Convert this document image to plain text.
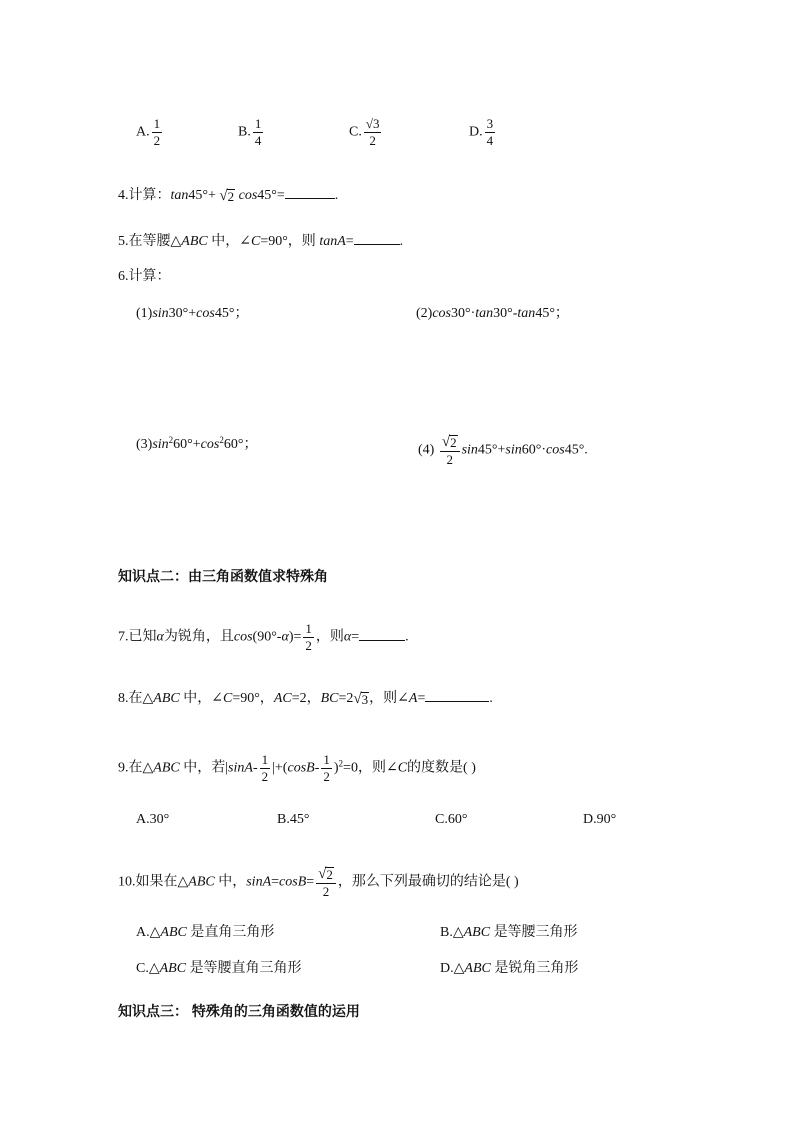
A. $\frac{1}{2}$	B. $\frac{1}{4}$	C. $\frac{√3}{2}$	D. $\frac{3}{4}$
4.计算：tan45°+ √ 2 cos45°=	.
5.在等腰△ABC 中，∠C=90°，则 tanA=	.
6.计算：
(1)sin30°+cos45°；	(2)cos30°·tan30°-tan45°；
$(3)\sin^260^\circ+\cos^260^\circ$；	$(4) \frac{√ 2}{2} \sin 45^\circ+\sin 60^\circ\cdot\cos 45^\circ$.
知识点二：由三角函数值求特殊角
7.已知α为锐角，且$\cos(90^\circ-\alpha)= \frac{1}{2}$ ，则α=	.
8.在△ABC 中，∠C=90°，AC=2，BC=2 √ 3 ，则∠A=	.
9.在△ABC 中，若$|\sin A- \frac{1}{2} |+(\cos B- \frac{1}{2} )^2=0$，则∠C的度数是( )
A.30°	B.45°	C.60°	D.90°
10.如果在△ABC 中，$\sin A=\cos B= \frac{√ 2}{2}$ ，那么下列最确切的结论是( )
A.△ABC 是直角三角形	B.△ABC 是等腰三角形
C.△ABC 是等腰直角三角形	D.△ABC 是锐角三角形
知识点三： 特殊角的三角函数值的运用
